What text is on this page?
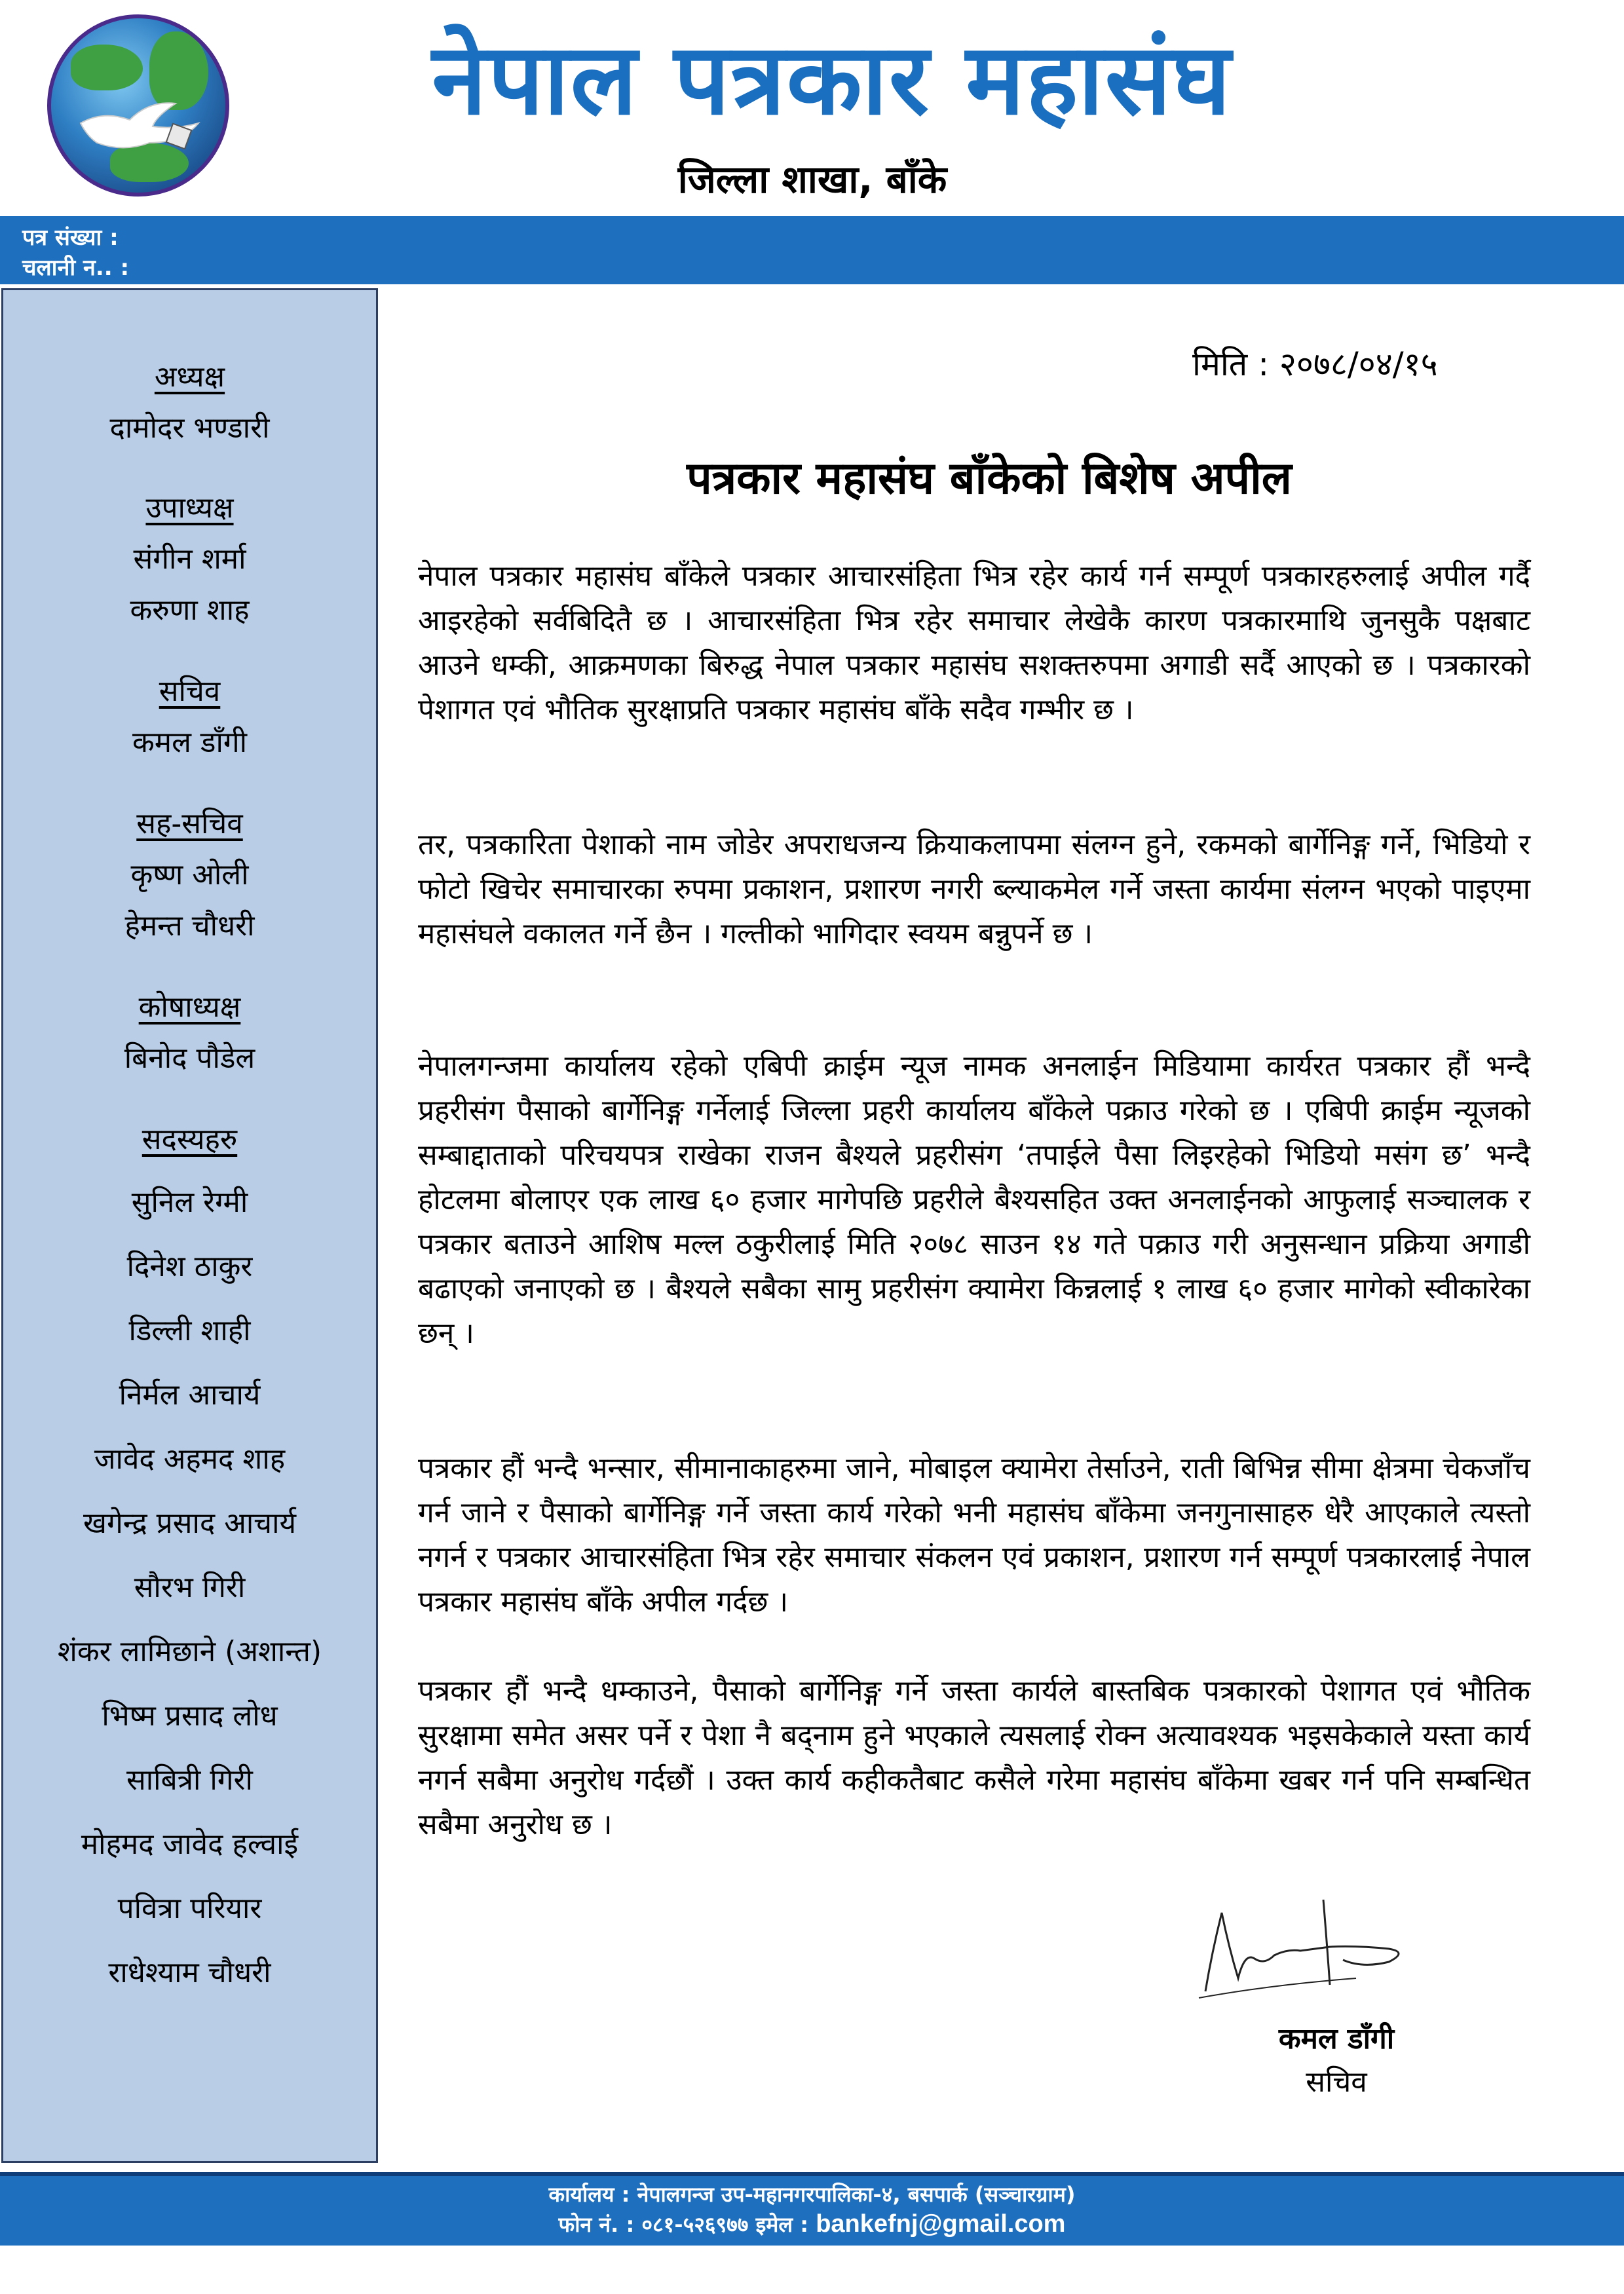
नेपाल पत्रकार महासंघ
जिल्ला शाखा, बाँके
पत्र संख्या :
चलानी न.. :
अध्यक्ष
दामोदर भण्डारी
उपाध्यक्ष
संगीन शर्मा
करुणा शाह
सचिव
कमल डाँगी
सह-सचिव
कृष्ण ओली
हेमन्त चौधरी
कोषाध्यक्ष
बिनोद पौडेल
सदस्यहरु
सुनिल रेग्मी
दिनेश ठाकुर
डिल्ली शाही
निर्मल आचार्य
जावेद अहमद शाह
खगेन्द्र प्रसाद आचार्य
सौरभ गिरी
शंकर लामिछाने (अशान्त)
भिष्म प्रसाद लोध
साबित्री गिरी
मोहमद जावेद हल्वाई
पवित्रा परियार
राधेश्याम चौधरी
मिति : २०७८/०४/१५
पत्रकार महासंघ बाँकेको बिशेष अपील
नेपाल पत्रकार महासंघ बाँकेले पत्रकार आचारसंहिता भित्र रहेर कार्य गर्न सम्पूर्ण पत्रकारहरुलाई अपील गर्दै आइरहेको सर्वबिदितै छ । आचारसंहिता भित्र रहेर समाचार लेखेकै कारण पत्रकारमाथि जुनसुकै पक्षबाट आउने धम्की, आक्रमणका बिरुद्ध नेपाल पत्रकार महासंघ सशक्तरुपमा अगाडी सर्दै आएको छ । पत्रकारको पेशागत एवं भौतिक सुरक्षाप्रति पत्रकार महासंघ बाँके सदैव गम्भीर छ ।
तर, पत्रकारिता पेशाको नाम जोडेर अपराधजन्य क्रियाकलापमा संलग्न हुने, रकमको बार्गेनिङ्ग गर्ने, भिडियो र फोटो खिचेर समाचारका रुपमा प्रकाशन, प्रशारण नगरी ब्ल्याकमेल गर्ने जस्ता कार्यमा संलग्न भएको पाइएमा महासंघले वकालत गर्ने छैन । गल्तीको भागिदार स्वयम बन्नुपर्ने छ ।
नेपालगन्जमा कार्यालय रहेको एबिपी क्राईम न्यूज नामक अनलाईन मिडियामा कार्यरत पत्रकार हौं भन्दै प्रहरीसंग पैसाको बार्गेनिङ्ग गर्नेलाई जिल्ला प्रहरी कार्यालय बाँकेले पक्राउ गरेको छ । एबिपी क्राईम न्यूजको सम्बाद्दाताको परिचयपत्र राखेका राजन बैश्यले प्रहरीसंग ‘तपाईले पैसा लिइरहेको भिडियो मसंग छ’ भन्दै होटलमा बोलाएर एक लाख ६० हजार मागेपछि प्रहरीले बैश्यसहित उक्त अनलाईनको आफुलाई सञ्चालक र पत्रकार बताउने आशिष मल्ल ठकुरीलाई मिति २०७८ साउन १४ गते पक्राउ गरी अनुसन्धान प्रक्रिया अगाडी बढाएको जनाएको छ । बैश्यले सबैका सामु प्रहरीसंग क्यामेरा किन्नलाई १ लाख ६० हजार मागेको स्वीकारेका छन् ।
पत्रकार हौं भन्दै भन्सार, सीमानाकाहरुमा जाने, मोबाइल क्यामेरा तेर्साउने, राती बिभिन्न सीमा क्षेत्रमा चेकजाँच गर्न जाने र पैसाको बार्गेनिङ्ग गर्ने जस्ता कार्य गरेको भनी महासंघ बाँकेमा जनगुनासाहरु धेरै आएकाले त्यस्तो नगर्न र पत्रकार आचारसंहिता भित्र रहेर समाचार संकलन एवं प्रकाशन, प्रशारण गर्न सम्पूर्ण पत्रकारलाई नेपाल पत्रकार महासंघ बाँके अपील गर्दछ ।
पत्रकार हौं भन्दै धम्काउने, पैसाको बार्गेनिङ्ग गर्ने जस्ता कार्यले बास्तबिक पत्रकारको पेशागत एवं भौतिक सुरक्षामा समेत असर पर्ने र पेशा नै बद्नाम हुने भएकाले त्यसलाई रोक्न अत्यावश्यक भइसकेकाले यस्ता कार्य नगर्न सबैमा अनुरोध गर्दछौं । उक्त कार्य कहीकतैबाट कसैले गरेमा महासंघ बाँकेमा खबर गर्न पनि सम्बन्धित सबैमा अनुरोध छ ।
कमल डाँगी
सचिव
कार्यालय : नेपालगन्ज उप-महानगरपालिका-४, बसपार्क (सञ्चारग्राम)
फोन नं. : ०८१-५२६९७७ इमेल : bankefnj@gmail.com
